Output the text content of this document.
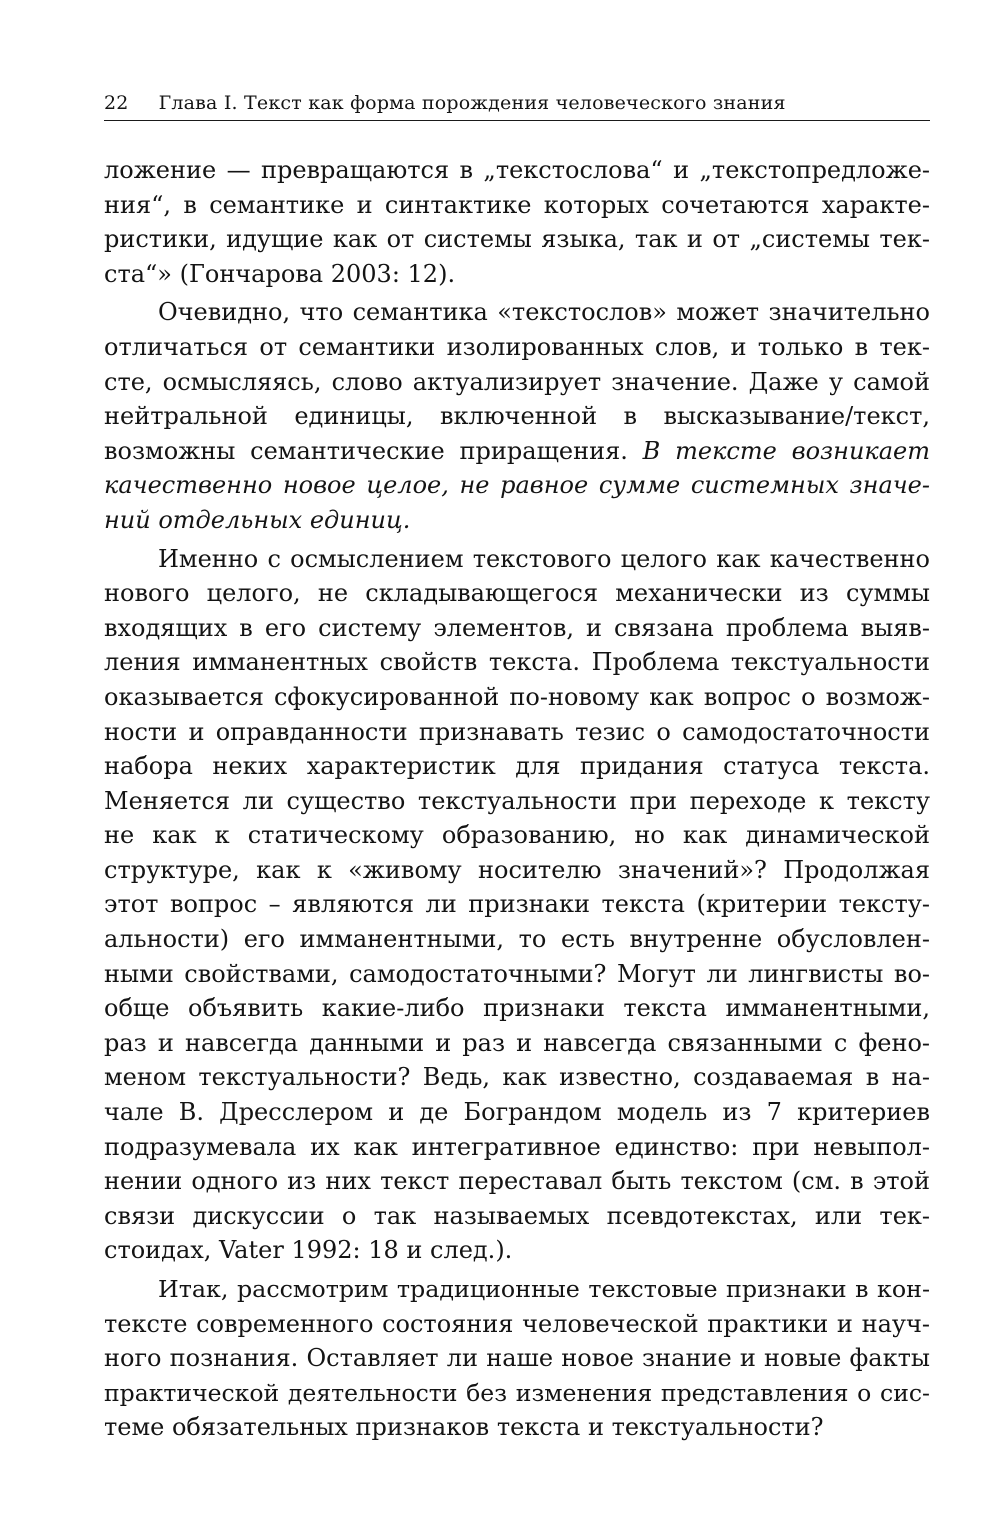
22 Глава I. Текст как форма порождения человеческого знания
ложение — превращаются в „текстослова“ и „текстопредложе-
ния“, в семантике и синтактике которых сочетаются характе-
ристики, идущие как от системы языка, так и от „системы тек-
ста“» (Гончарова 2003: 12).
Очевидно, что семантика «текстослов» может значительно
отличаться от семантики изолированных слов, и только в тек-
сте, осмысляясь, слово актуализирует значение. Даже у самой
нейтральной единицы, включенной в высказывание/текст,
возможны семантические приращения. В тексте возникает
качественно новое целое, не равное сумме системных значе-
ний отдельных единиц.
Именно с осмыслением текстового целого как качественно
нового целого, не складывающегося механически из суммы
входящих в его систему элементов, и связана проблема выяв-
ления имманентных свойств текста. Проблема текстуальности
оказывается сфокусированной по-новому как вопрос о возмож-
ности и оправданности признавать тезис о самодостаточности
набора неких характеристик для придания статуса текста.
Меняется ли существо текстуальности при переходе к тексту
не как к статическому образованию, но как динамической
структуре, как к «живому носителю значений»? Продолжая
этот вопрос – являются ли признаки текста (критерии тексту-
альности) его имманентными, то есть внутренне обусловлен-
ными свойствами, самодостаточными? Могут ли лингвисты во-
обще объявить какие-либо признаки текста имманентными,
раз и навсегда данными и раз и навсегда связанными с фено-
меном текстуальности? Ведь, как известно, создаваемая в на-
чале В. Дресслером и де Бограндом модель из 7 критериев
подразумевала их как интегративное единство: при невыпол-
нении одного из них текст переставал быть текстом (см. в этой
связи дискуссии о так называемых псевдотекстах, или тек-
стоидах, Vater 1992: 18 и след.).
Итак, рассмотрим традиционные текстовые признаки в кон-
тексте современного состояния человеческой практики и науч-
ного познания. Оставляет ли наше новое знание и новые факты
практической деятельности без изменения представления о сис-
теме обязательных признаков текста и текстуальности?
